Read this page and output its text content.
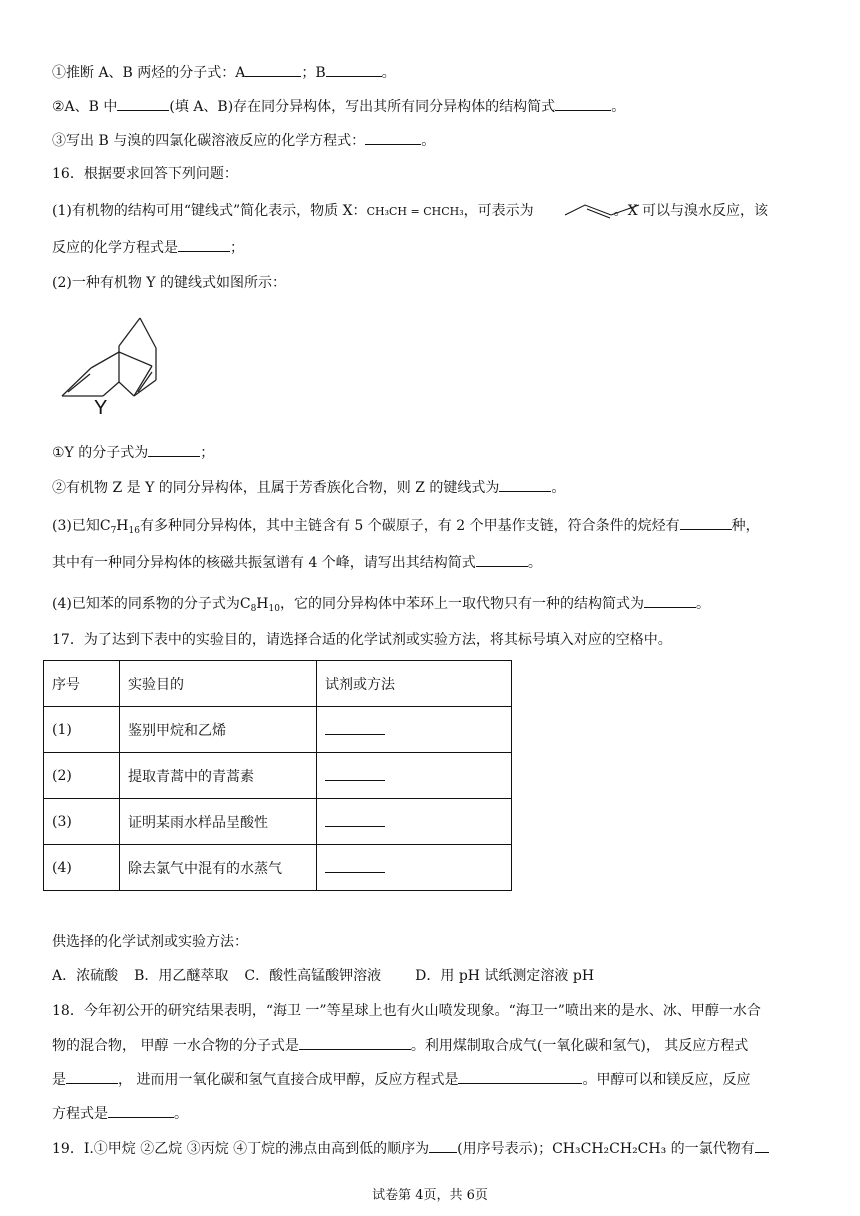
①推断 A、B 两烃的分子式：A	；B	。
②A、B 中	(填 A、B)存在同分异构体，写出其所有同分异构体的结构简式	。
③写出 B 与溴的四氯化碳溶液反应的化学方程式：	。
16．根据要求回答下列问题：
(1)有机物的结构可用“键线式”简化表示，物质 X：CH₃CH = CHCH₃，可表示为	。X 可以与溴水反应，该
反应的化学方程式是	；
(2)一种有机物 Y 的键线式如图所示：
Y
①Y 的分子式为	；
②有机物 Z 是 Y 的同分异构体，且属于芳香族化合物，则 Z 的键线式为	。
(3)已知$C_7H_{16}$有多种同分异构体，其中主链含有 5 个碳原子，有 2 个甲基作支链，符合条件的烷烃有	种，
其中有一种同分异构体的核磁共振氢谱有 4 个峰，请写出其结构简式	。
(4)已知苯的同系物的分子式为$C_8H_{10}$，它的同分异构体中苯环上一取代物只有一种的结构简式为	。
17．为了达到下表中的实验目的，请选择合适的化学试剂或实验方法，将其标号填入对应的空格中。
序号	实验目的	试剂或方法
(1)	鉴别甲烷和乙烯	
(2)	提取青蒿中的青蒿素	
(3)	证明某雨水样品呈酸性	
(4)	除去氯气中混有的水蒸气	
供选择的化学试剂或实验方法：
A．浓硫酸 B．用乙醚萃取 C．酸性高锰酸钾溶液 D．用 pH 试纸测定溶液 pH
18．今年初公开的研究结果表明，“海卫 一”等星球上也有火山喷发现象。“海卫一”喷出来的是水、冰、甲醇一水合
物的混合物， 甲醇 一水合物的分子式是	。利用煤制取合成气(一氧化碳和氢气)， 其反应方程式
是	， 进而用一氧化碳和氢气直接合成甲醇，反应方程式是	。甲醇可以和镁反应，反应
方程式是	。
19．I.①甲烷 ②乙烷 ③丙烷 ④丁烷的沸点由高到低的顺序为 (用序号表示)；CH₃CH₂CH₂CH₃ 的一氯代物有
试卷第 4页，共 6页
